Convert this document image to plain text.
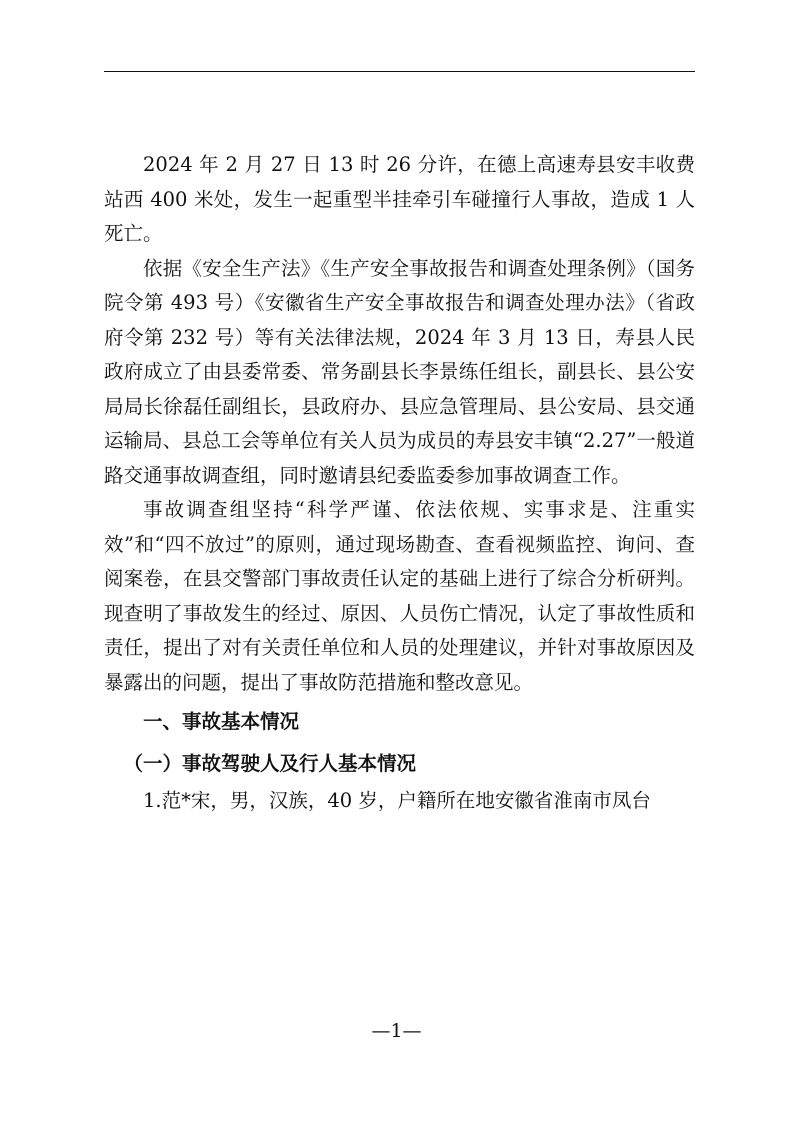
2024 年 2 月 27 日 13 时 26 分许，在德上高速寿县安丰收费站西 400 米处，发生一起重型半挂牵引车碰撞行人事故，造成 1 人死亡。

依据《安全生产法》《生产安全事故报告和调查处理条例》（国务院令第 493 号）《安徽省生产安全事故报告和调查处理办法》（省政府令第 232 号）等有关法律法规，2024 年 3 月 13 日，寿县人民政府成立了由县委常委、常务副县长李景练任组长，副县长、县公安局局长徐磊任副组长，县政府办、县应急管理局、县公安局、县交通运输局、县总工会等单位有关人员为成员的寿县安丰镇“2.27”一般道路交通事故调查组，同时邀请县纪委监委参加事故调查工作。

事故调查组坚持“科学严谨、依法依规、实事求是、注重实效”和“四不放过”的原则，通过现场勘查、查看视频监控、询问、查阅案卷，在县交警部门事故责任认定的基础上进行了综合分析研判。现查明了事故发生的经过、原因、人员伤亡情况，认定了事故性质和责任，提出了对有关责任单位和人员的处理建议，并针对事故原因及暴露出的问题，提出了事故防范措施和整改意见。

一、事故基本情况
（一）事故驾驶人及行人基本情况

1.范*宋，男，汉族，40 岁，户籍所在地安徽省淮南市凤台

—1—
